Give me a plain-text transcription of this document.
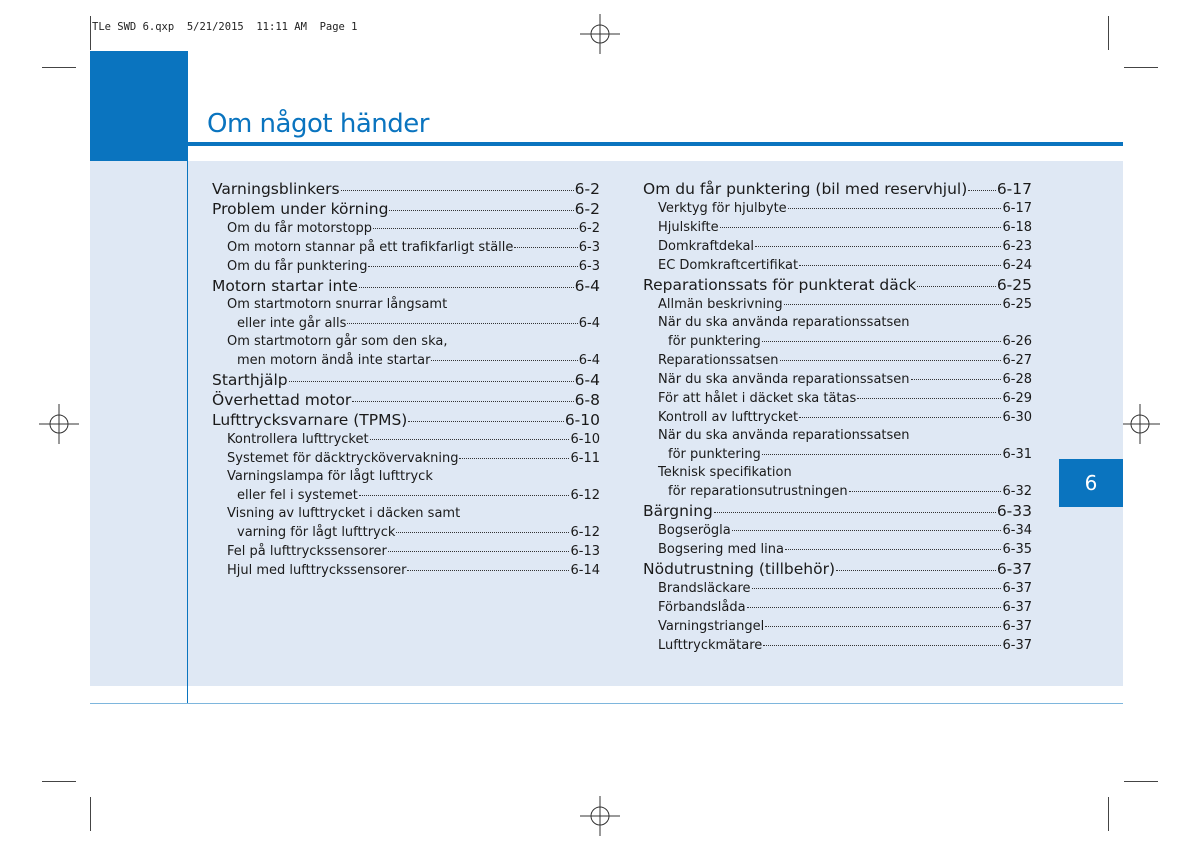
TLe SWD 6.qxp  5/21/2015  11:11 AM  Page 1
Om något händer
6
Varningsblinkers	6-2
Problem under körning	6-2
Om du får motorstopp	6-2
Om motorn stannar på ett trafikfarligt ställe	6-3
Om du får punktering	6-3
Motorn startar inte	6-4
Om startmotorn snurrar långsamt
eller inte går alls	6-4
Om startmotorn går som den ska,
men motorn ändå inte startar	6-4
Starthjälp	6-4
Överhettad motor	6-8
Lufttrycksvarnare (TPMS)	6-10
Kontrollera lufttrycket	6-10
Systemet för däcktryckövervakning	6-11
Varningslampa för lågt lufttryck
eller fel i systemet	6-12
Visning av lufttrycket i däcken samt
varning för lågt lufttryck	6-12
Fel på lufttryckssensorer	6-13
Hjul med lufttryckssensorer	6-14
Om du får punktering (bil med reservhjul) 6-17
Verktyg för hjulbyte	6-17
Hjulskifte	6-18
Domkraftdekal	6-23
EC Domkraftcertifikat	6-24
Reparationssats för punkterat däck	6-25
Allmän beskrivning	6-25
När du ska använda reparationssatsen
för punktering	6-26
Reparationssatsen	6-27
När du ska använda reparationssatsen	6-28
För att hålet i däcket ska tätas	6-29
Kontroll av lufttrycket	6-30
När du ska använda reparationssatsen
för punktering	6-31
Teknisk specifikation
för reparationsutrustningen	6-32
Bärgning	6-33
Bogseröglа	6-34
Bogsering med lina	6-35
Nödutrustning (tillbehör)	6-37
Brandsläckare	6-37
Förbandslåda	6-37
Varningstriangel	6-37
Lufttryckmätare	6-37
